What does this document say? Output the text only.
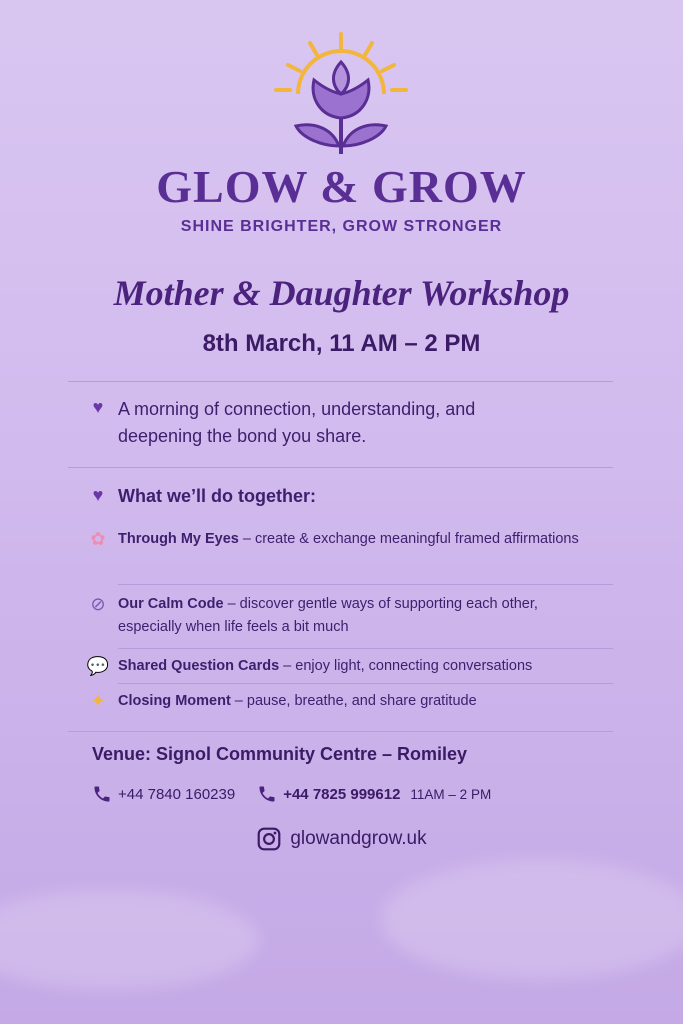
GLOW & GROW
SHINE BRIGHTER, GROW STRONGER
Mother & Daughter Workshop
8th March, 11 AM – 2 PM
♥ A morning of connection, understanding, and deepening the bond you share.
♥ What we’ll do together:
✿ Through My Eyes – create & exchange meaningful framed affirmations
⊘ Our Calm Code – discover gentle ways of supporting each other, especially when life feels a bit much
💬 Shared Question Cards – enjoy light, connecting conversations
✦ Closing Moment – pause, breathe, and share gratitude
Venue: Signol Community Centre – Romiley
+44 7840 160239	+44 7825 999612 11AM – 2 PM
glowandgrow.uk
